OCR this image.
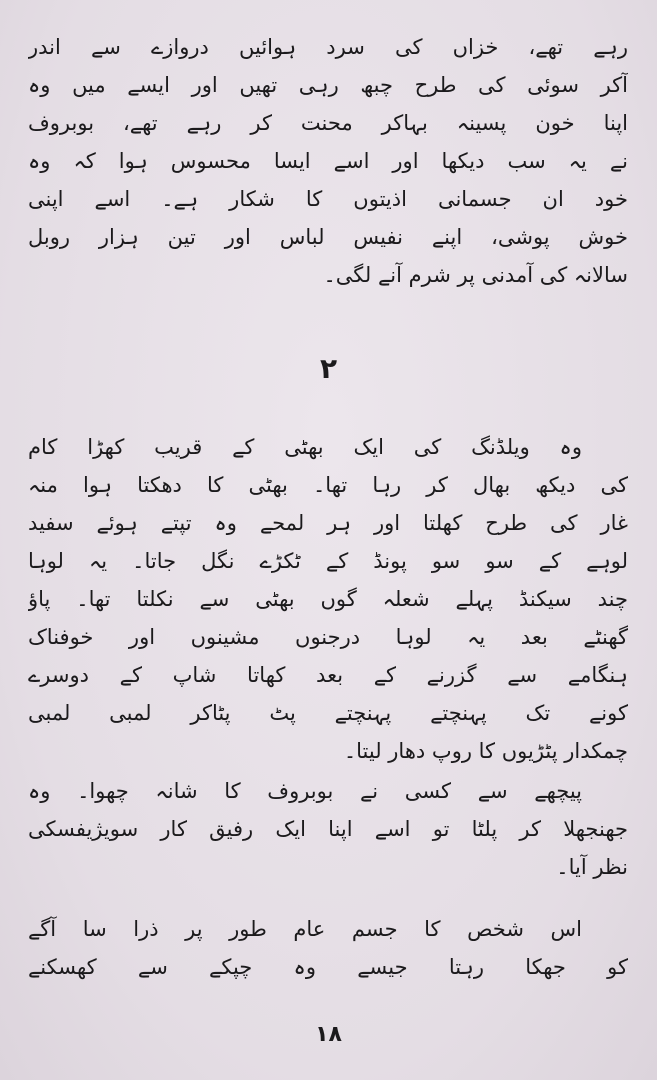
رہے تھے، خزاں کی سرد ہوائیں دروازے سے اندر
آکر سوئی کی طرح چبھ رہی تھیں اور ایسے میں وہ
اپنا خون پسینہ بہاکر محنت کر رہے تھے، بوبروف
نے یہ سب دیکھا اور اسے ایسا محسوس ہوا کہ وہ
خود ان جسمانی اذیتوں کا شکار ہے۔ اسے اپنی
خوش پوشی، اپنے نفیس لباس اور تین ہزار روبل
سالانہ کی آمدنی پر شرم آنے لگی۔
۲
وہ ویلڈنگ کی ایک بھٹی کے قریب کھڑا کام
کی دیکھ بھال کر رہا تھا۔ بھٹی کا دھکتا ہوا منہ
غار کی طرح کھلتا اور ہر لمحے وہ تپتے ہوئے سفید
لوہے کے سو سو پونڈ کے ٹکڑے نگل جاتا۔ یہ لوہا
چند سیکنڈ پہلے شعلہ گوں بھٹی سے نکلتا تھا۔ پاؤ
گھنٹے بعد یہ لوہا درجنوں مشینوں اور خوفناک
ہنگامے سے گزرنے کے بعد کھاتا شاپ کے دوسرے
کونے تک پہنچتے پہنچتے پٹ پٹاکر لمبی لمبی
چمکدار پٹڑیوں کا روپ دھار لیتا۔
پیچھے سے کسی نے بوبروف کا شانہ چھوا۔ وہ
جھنجھلا کر پلٹا تو اسے اپنا ایک رفیق کار سویژیفسکی
نظر آیا۔
اس شخص کا جسم عام طور پر ذرا سا آگے
کو جھکا رہتا جیسے وہ چپکے سے کھسکنے
۱۸
